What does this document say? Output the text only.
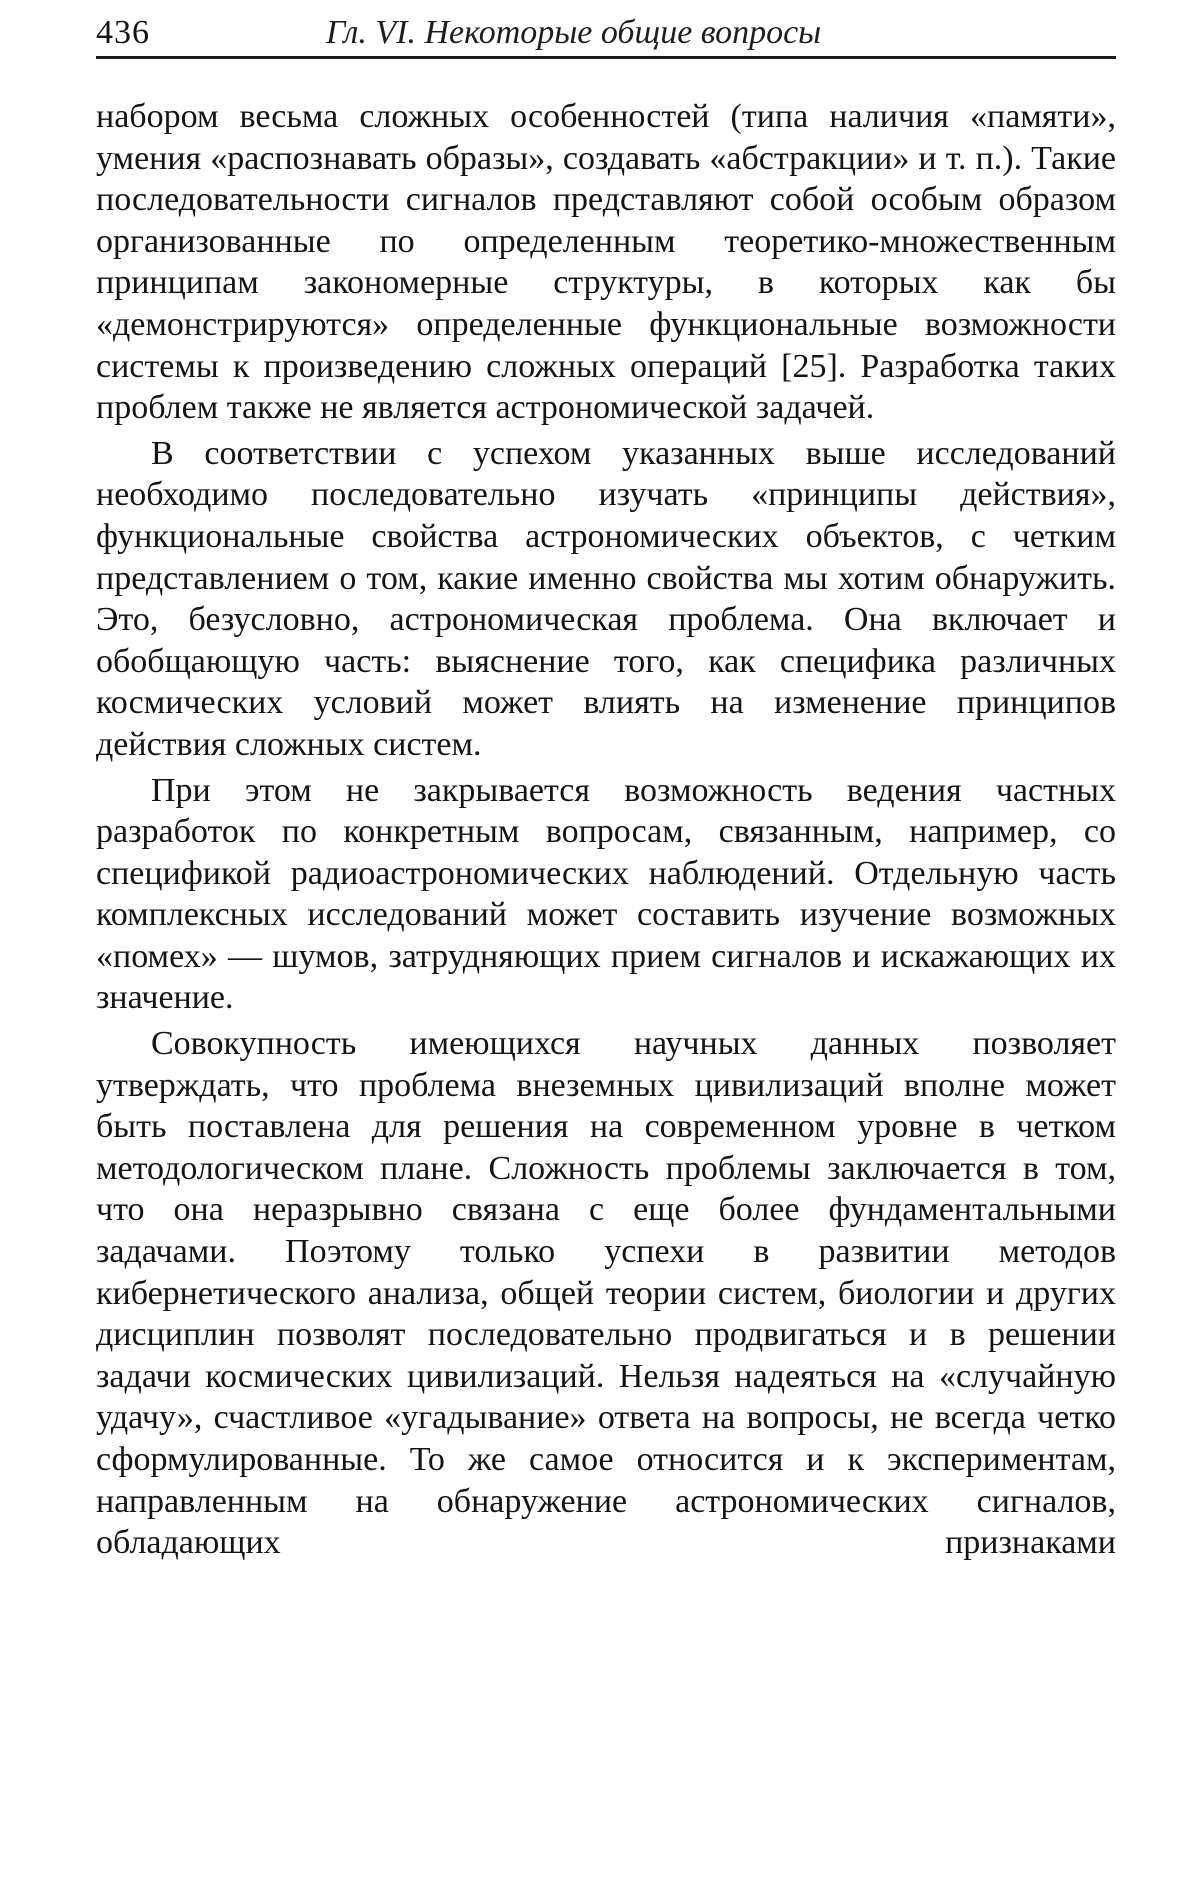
436	Гл. VI. Некоторые общие вопросы

набором весьма сложных особенностей (типа наличия «памяти», умения «распознавать образы», создавать «абстракции» и т. п.). Такие последовательности сигналов представляют собой особым образом организованные по определенным теоретико-множественным принципам закономерные структуры, в которых как бы «демонстрируются» определенные функциональные возможности системы к произведению сложных операций [25]. Разработка таких проблем также не является астрономической задачей.

В соответствии с успехом указанных выше исследований необходимо последовательно изучать «принципы действия», функциональные свойства астрономических объектов, с четким представлением о том, какие именно свойства мы хотим обнаружить. Это, безусловно, астрономическая проблема. Она включает и обобщающую часть: выяснение того, как специфика различных космических условий может влиять на изменение принципов действия сложных систем.

При этом не закрывается возможность ведения частных разработок по конкретным вопросам, связанным, например, со спецификой радиоастрономических наблюдений. Отдельную часть комплексных исследований может составить изучение возможных «помех» — шумов, затрудняющих прием сигналов и искажающих их значение.

Совокупность имеющихся научных данных позволяет утверждать, что проблема внеземных цивилизаций вполне может быть поставлена для решения на современном уровне в четком методологическом плане. Сложность проблемы заключается в том, что она неразрывно связана с еще более фундаментальными задачами. Поэтому только успехи в развитии методов кибернетического анализа, общей теории систем, биологии и других дисциплин позволят последовательно продвигаться и в решении задачи космических цивилизаций. Нельзя надеяться на «случайную удачу», счастливое «угадывание» ответа на вопросы, не всегда четко сформулированные. То же самое относится и к экспериментам, направленным на обнаружение астрономических сигналов, обладающих признаками
